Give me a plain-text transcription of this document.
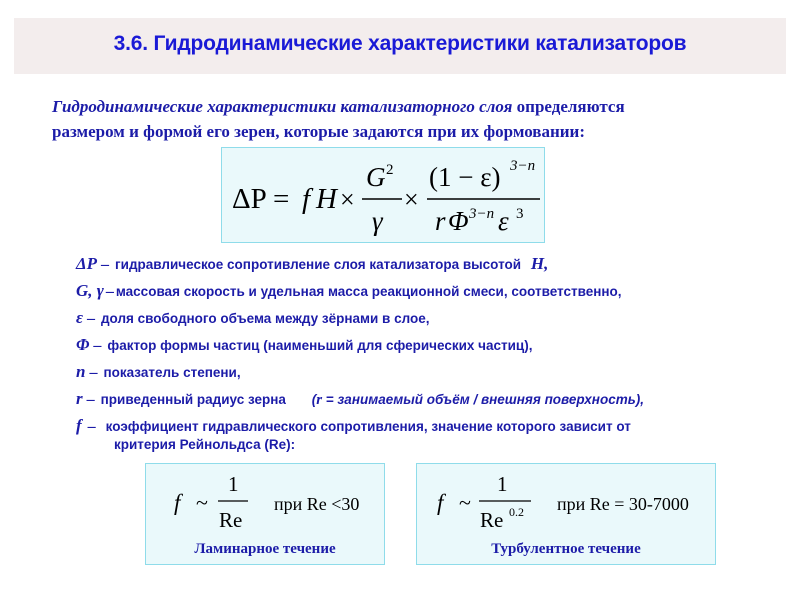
3.6. Гидродинамические характеристики катализаторов
Гидродинамические характеристики катализаторного слоя определяются
размером и формой его зерен, которые задаются при их формовании:
ΔP = f H ×
G 2
γ
×
(1 − ε) 3−n
r Φ 3−n ε 3
ΔP – гидравлическое сопротивление слоя катализатора высотой H,
G, γ – массовая скорость и удельная масса реакционной смеси, соответственно,
ε – доля свободного объема между зёрнами в слое,
Φ – фактор формы частиц (наименьший для сферических частиц),
n – показатель степени,
r – приведенный радиус зерна (r = занимаемый объём / внешняя поверхность),
f – коэффициент гидравлического сопротивления, значение которого зависит от
критерия Рейнольдса (Re):
f ~
1
Re
при Re <30
Ламинарное течение
f ~
1
Re 0.2 при Re = 30-7000
Турбулентное течение
